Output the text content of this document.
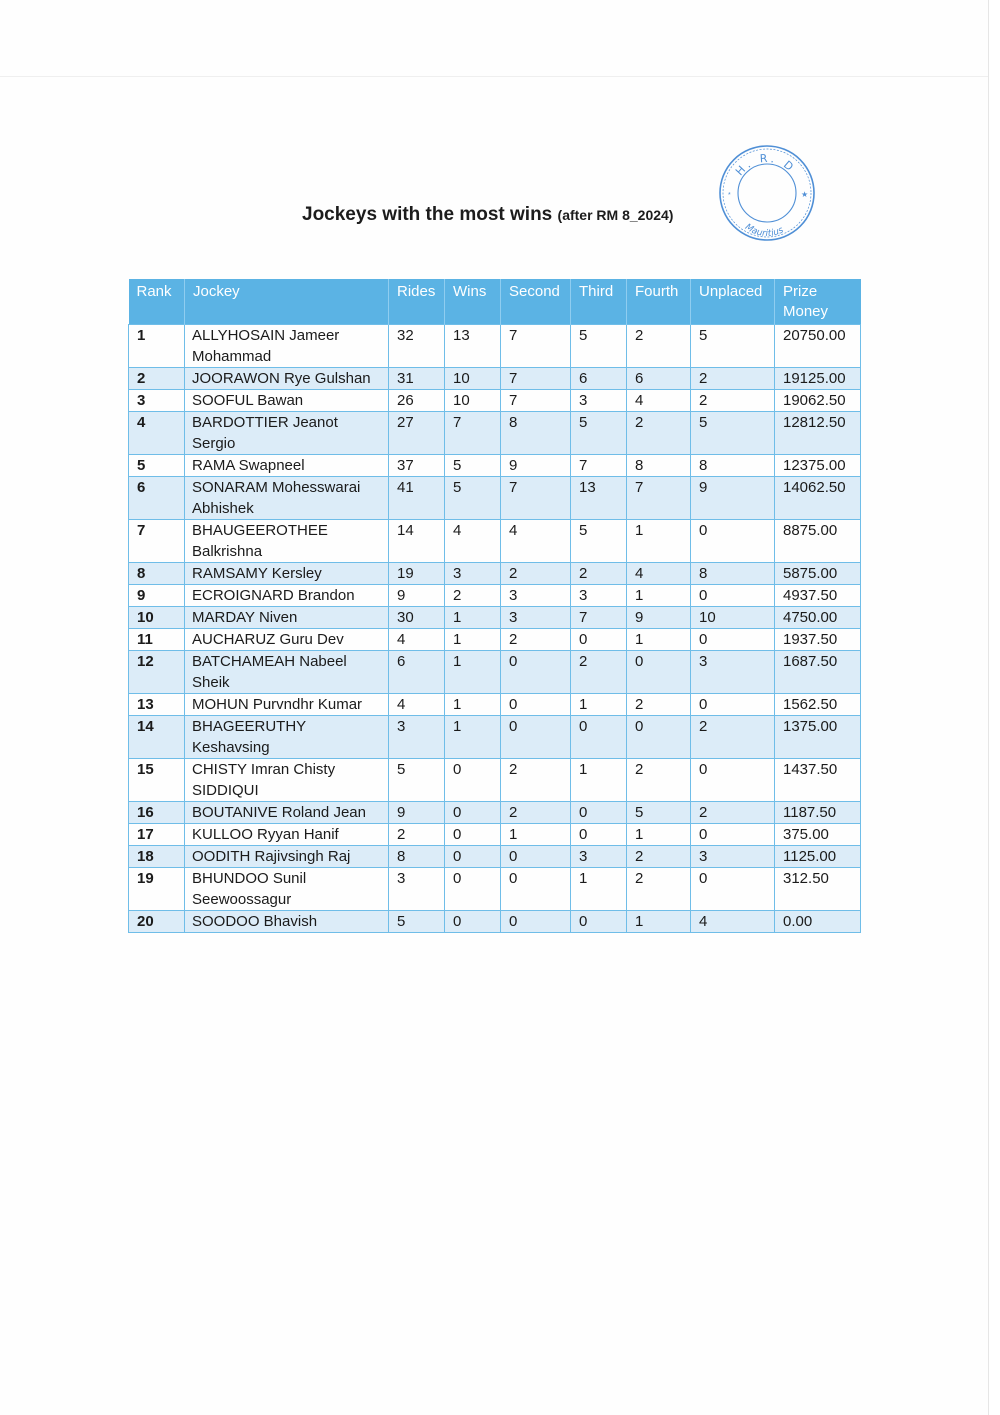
Jockeys with the most wins (after RM 8_2024)
H. R. D
Mauritius
*	★
Rank	Jockey	Rides	Wins	Second	Third	Fourth	Unplaced	Prize Money
1	ALLYHOSAIN Jameer Mohammad	32	13	7	5	2	5	20750.00
2	JOORAWON Rye Gulshan	31	10	7	6	6	2	19125.00
3	SOOFUL Bawan	26	10	7	3	4	2	19062.50
4	BARDOTTIER Jeanot Sergio	27	7	8	5	2	5	12812.50
5	RAMA Swapneel	37	5	9	7	8	8	12375.00
6	SONARAM Mohesswarai Abhishek	41	5	7	13	7	9	14062.50
7	BHAUGEEROTHEE Balkrishna	14	4	4	5	1	0	8875.00
8	RAMSAMY Kersley	19	3	2	2	4	8	5875.00
9	ECROIGNARD Brandon	9	2	3	3	1	0	4937.50
10	MARDAY Niven	30	1	3	7	9	10	4750.00
11	AUCHARUZ Guru Dev	4	1	2	0	1	0	1937.50
12	BATCHAMEAH Nabeel Sheik	6	1	0	2	0	3	1687.50
13	MOHUN Purvndhr Kumar	4	1	0	1	2	0	1562.50
14	BHAGEERUTHY Keshavsing	3	1	0	0	0	2	1375.00
15	CHISTY Imran Chisty SIDDIQUI	5	0	2	1	2	0	1437.50
16	BOUTANIVE Roland Jean	9	0	2	0	5	2	1187.50
17	KULLOO Ryyan Hanif	2	0	1	0	1	0	375.00
18	OODITH Rajivsingh Raj	8	0	0	3	2	3	1125.00
19	BHUNDOO Sunil Seewoossagur	3	0	0	1	2	0	312.50
20	SOODOO Bhavish	5	0	0	0	1	4	0.00
